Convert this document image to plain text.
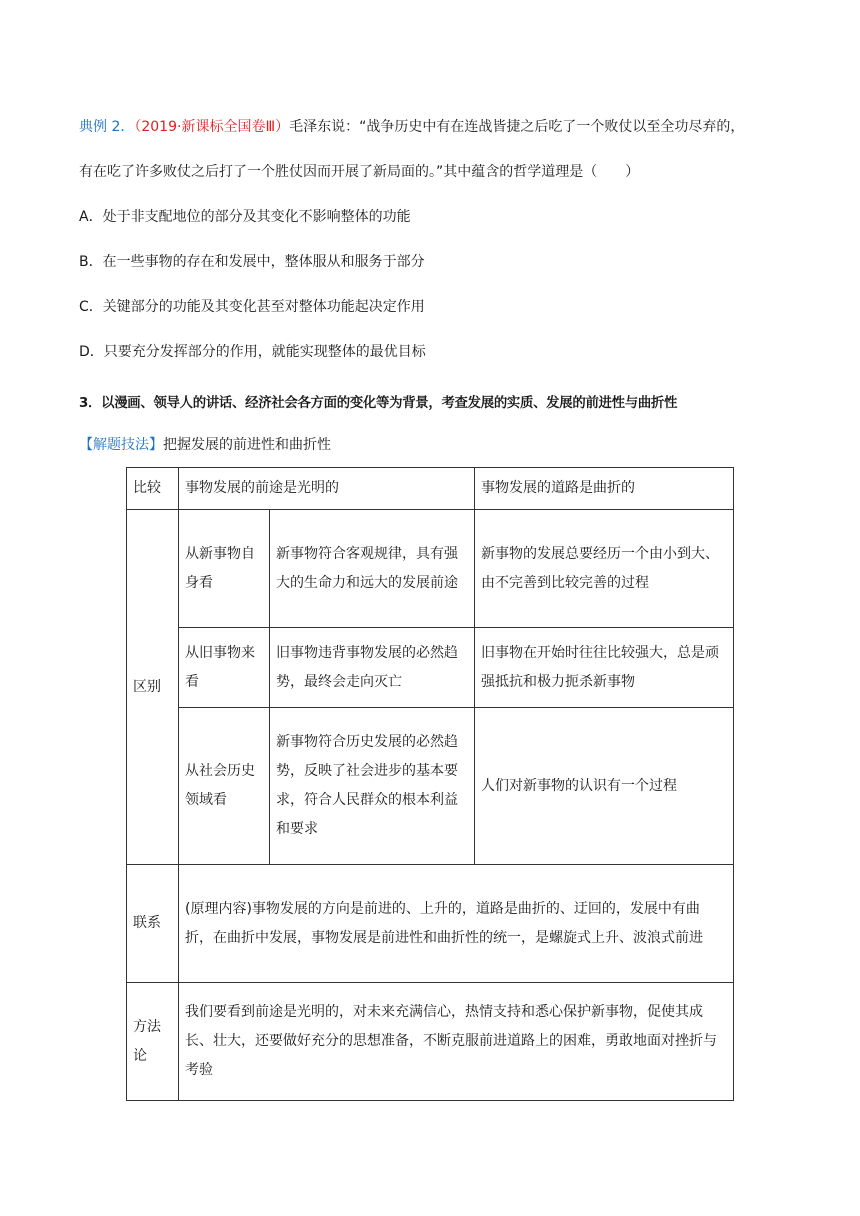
典例 2．（2019·新课标全国卷Ⅲ）毛泽东说：“战争历史中有在连战皆捷之后吃了一个败仗以至全功尽弃的，
有在吃了许多败仗之后打了一个胜仗因而开展了新局面的。”其中蕴含的哲学道理是（　　）
A．处于非支配地位的部分及其变化不影响整体的功能
B．在一些事物的存在和发展中，整体服从和服务于部分
C．关键部分的功能及其变化甚至对整体功能起决定作用
D．只要充分发挥部分的作用，就能实现整体的最优目标
3．以漫画、领导人的讲话、经济社会各方面的变化等为背景，考查发展的实质、发展的前进性与曲折性
【解题技法】把握发展的前进性和曲折性
比较	事物发展的前途是光明的		事物发展的道路是曲折的
区别	从新事物自身看	新事物符合客观规律，具有强大的生命力和远大的发展前途	新事物的发展总要经历一个由小到大、由不完善到比较完善的过程
	从旧事物来看	旧事物违背事物发展的必然趋势，最终会走向灭亡	旧事物在开始时往往比较强大，总是顽强抵抗和极力扼杀新事物
	从社会历史领域看	新事物符合历史发展的必然趋势，反映了社会进步的基本要求，符合人民群众的根本利益和要求	人们对新事物的认识有一个过程
联系	(原理内容)事物发展的方向是前进的、上升的，道路是曲折的、迂回的，发展中有曲折，在曲折中发展，事物发展是前进性和曲折性的统一，是螺旋式上升、波浪式前进		
方法论	我们要看到前途是光明的，对未来充满信心，热情支持和悉心保护新事物，促使其成长、壮大，还要做好充分的思想准备，不断克服前进道路上的困难，勇敢地面对挫折与考验		
